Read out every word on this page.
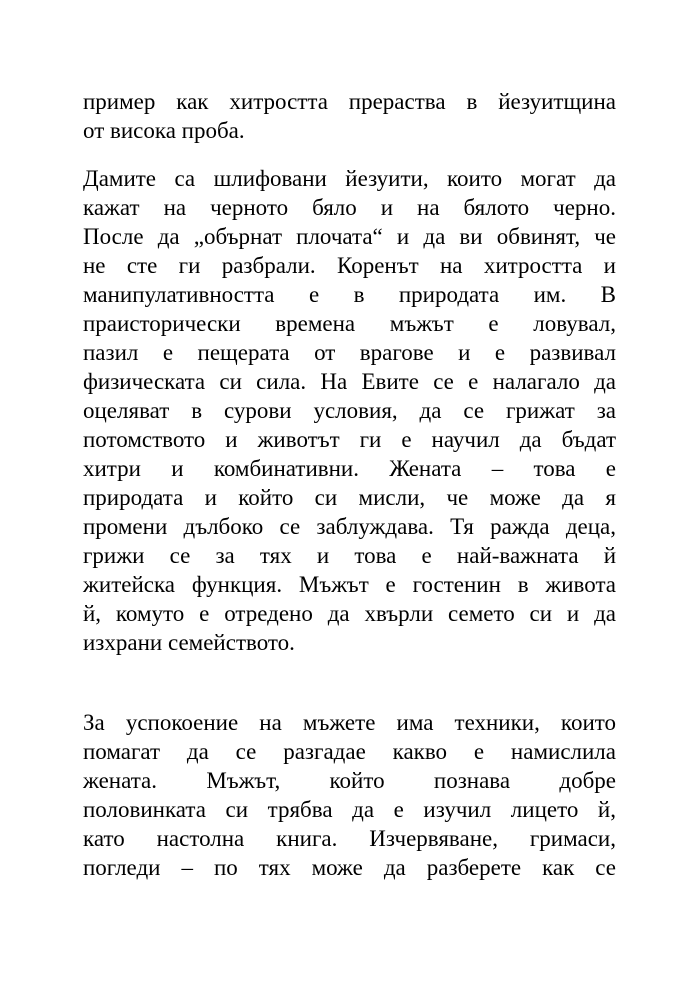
пример как хитростта прераства в йезуитщина
от висока проба.
Дамите са шлифовани йезуити, които могат да
кажат на черното бяло и на бялото черно.
После да „обърнат плочата“ и да ви обвинят, че
не сте ги разбрали. Коренът на хитростта и
манипулативността е в природата им. В
праисторически времена мъжът е ловувал,
пазил е пещерата от врагове и е развивал
физическата си сила. На Евите се е налагало да
оцеляват в сурови условия, да се грижат за
потомството и животът ги е научил да бъдат
хитри и комбинативни. Жената – това е
природата и който си мисли, че може да я
промени дълбоко се заблуждава. Тя ражда деца,
грижи се за тях и това е най-важната й
житейска функция. Мъжът е гостенин в живота
й, комуто е отредено да хвърли семето си и да
изхрани семейството.
За успокоение на мъжете има техники, които
помагат да се разгадае какво е намислила
жената. Мъжът, който познава добре
половинката си трябва да е изучил лицето й,
като настолна книга. Изчервяване, гримаси,
погледи – по тях може да разберете как се
